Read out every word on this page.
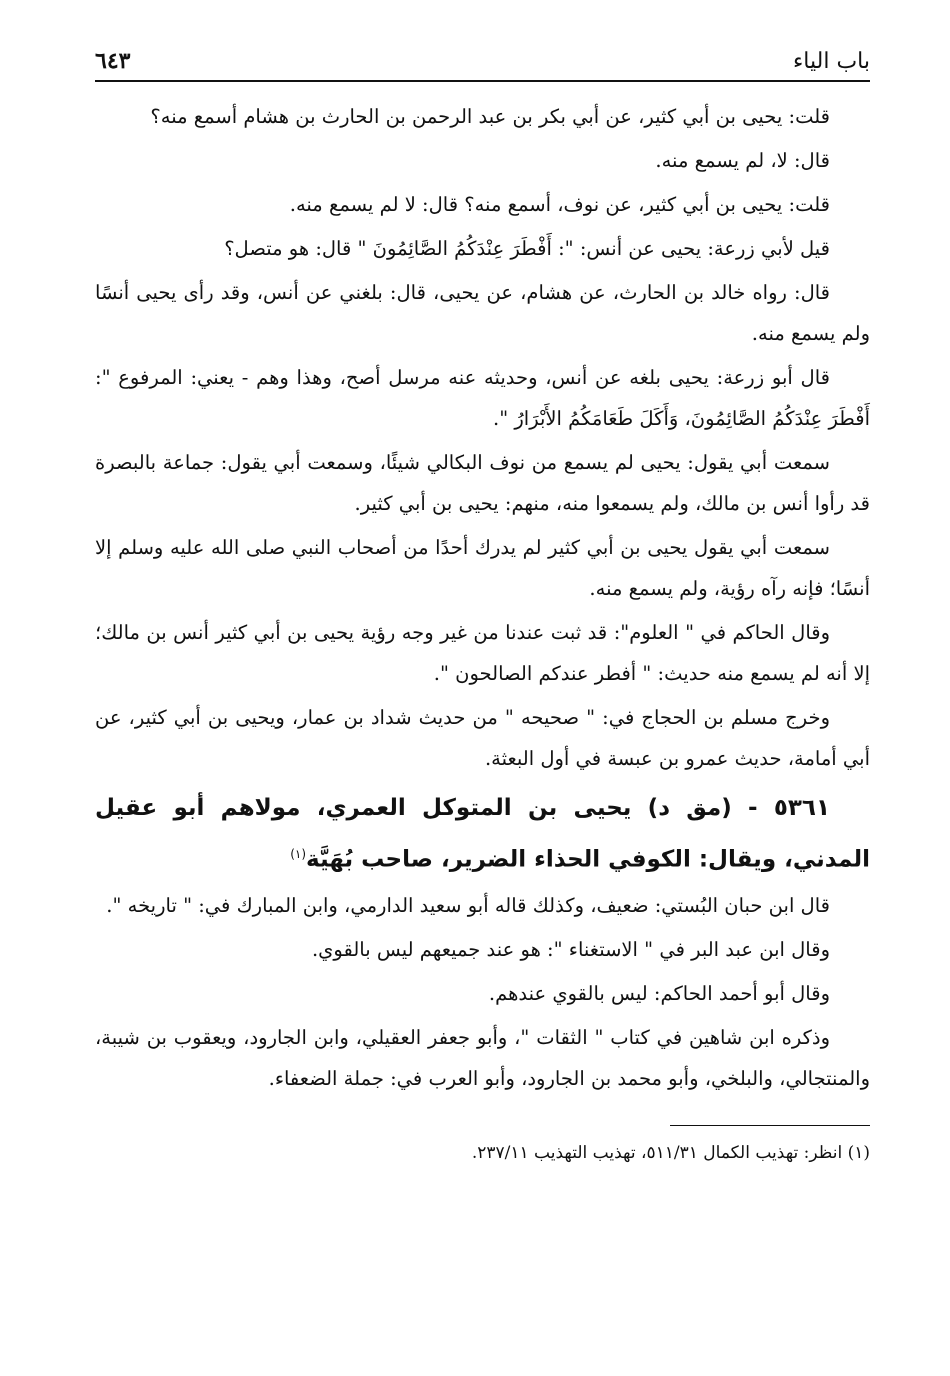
باب الياء
٦٤٣

قلت: يحيى بن أبي كثير، عن أبي بكر بن عبد الرحمن بن الحارث بن هشام أسمع منه؟

قال: لا، لم يسمع منه.

قلت: يحيى بن أبي كثير، عن نوف، أسمع منه؟ قال: لا لم يسمع منه.

قيل لأبي زرعة: يحيى عن أنس: ": أَفْطَرَ عِنْدَكُمُ الصَّائِمُونَ " قال: هو متصل؟

قال: رواه خالد بن الحارث، عن هشام، عن يحيى، قال: بلغني عن أنس، وقد رأى يحيى أنسًا ولم يسمع منه.

قال أبو زرعة: يحيى بلغه عن أنس، وحديثه عنه مرسل أصح، وهذا وهم - يعني: المرفوع ": أَفْطَرَ عِنْدَكُمُ الصَّائِمُونَ، وَأَكَلَ طَعَامَكُمُ الأَبْرَارُ ".

سمعت أبي يقول: يحيى لم يسمع من نوف البكالي شيئًا، وسمعت أبي يقول: جماعة بالبصرة قد رأوا أنس بن مالك، ولم يسمعوا منه، منهم: يحيى بن أبي كثير.

سمعت أبي يقول يحيى بن أبي كثير لم يدرك أحدًا من أصحاب النبي صلى الله عليه وسلم إلا أنسًا؛ فإنه رآه رؤية، ولم يسمع منه.

وقال الحاكم في " العلوم": قد ثبت عندنا من غير وجه رؤية يحيى بن أبي كثير أنس بن مالك؛ إلا أنه لم يسمع منه حديث: " أفطر عندكم الصالحون ".

وخرج مسلم بن الحجاج في: " صحيحه " من حديث شداد بن عمار، ويحيى بن أبي كثير، عن أبي أمامة، حديث عمرو بن عبسة في أول البعثة.

٥٣٦١ - (مق د) يحيى بن المتوكل العمري، مولاهم أبو عقيل المدني، ويقال: الكوفي الحذاء الضرير، صاحب بُهَيَّة$^{(١)}$

قال ابن حبان البُستي: ضعيف، وكذلك قاله أبو سعيد الدارمي، وابن المبارك في: " تاريخه ".

وقال ابن عبد البر في " الاستغناء ": هو عند جميعهم ليس بالقوي.

وقال أبو أحمد الحاكم: ليس بالقوي عندهم.

وذكره ابن شاهين في كتاب " الثقات "، وأبو جعفر العقيلي، وابن الجارود، ويعقوب بن شيبة، والمنتجالي، والبلخي، وأبو محمد بن الجارود، وأبو العرب في: جملة الضعفاء.

(١) انظر: تهذيب الكمال ٥١١/٣١، تهذيب التهذيب ٢٣٧/١١.
